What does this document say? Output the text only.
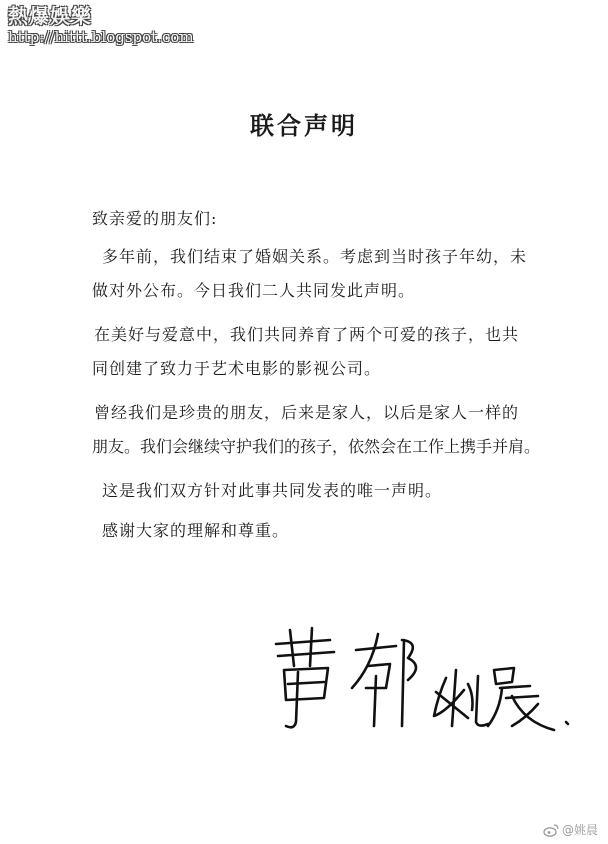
熱爆娛樂
http://hittt.blogspot.com
联合声明
致亲爱的朋友们:
多年前，我们结束了婚姻关系。考虑到当时孩子年幼，未
做对外公布。今日我们二人共同发此声明。
在美好与爱意中，我们共同养育了两个可爱的孩子，也共
同创建了致力于艺术电影的影视公司。
曾经我们是珍贵的朋友，后来是家人，以后是家人一样的
朋友。我们会继续守护我们的孩子，依然会在工作上携手并肩。
这是我们双方针对此事共同发表的唯一声明。
感谢大家的理解和尊重。
@姚晨
